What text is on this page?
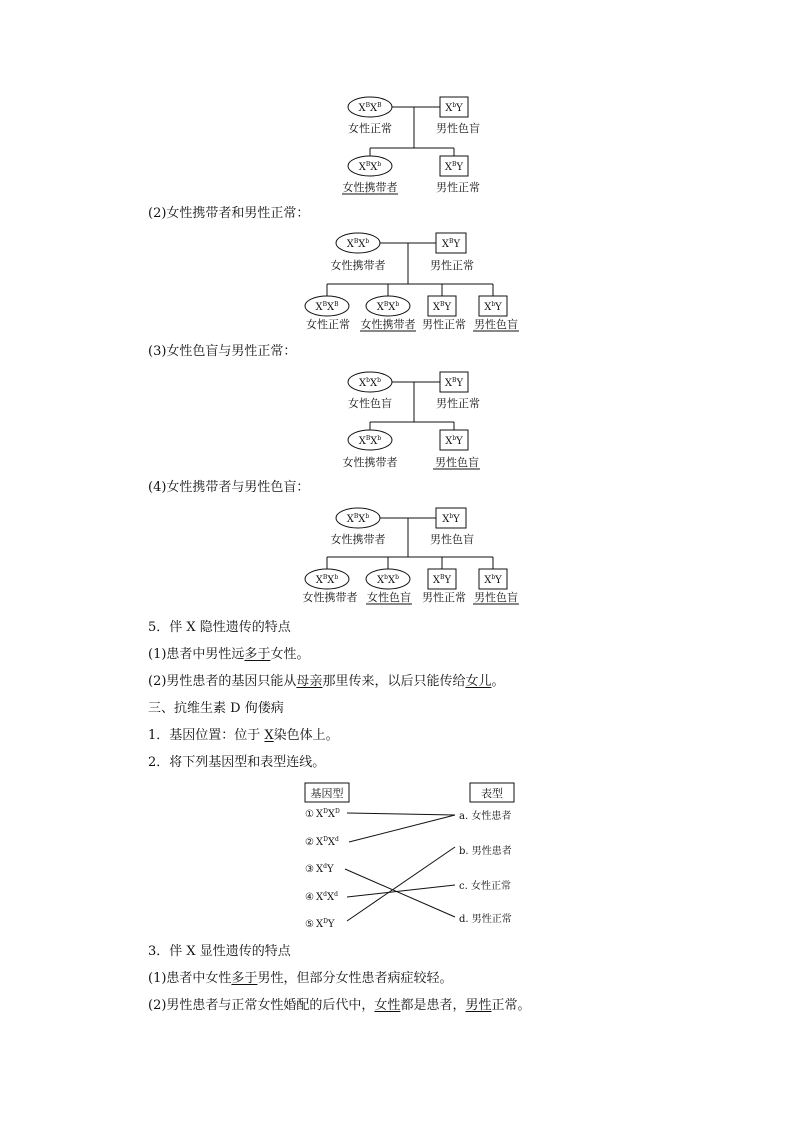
$X^BX^B$	$X^bY$
女性正常	男性色盲
$X^BX^b$	$X^BY$
女性携带者	男性正常
$X^BX^b$	$X^BY$
女性携带者	男性正常
$X^BX^B$	$X^BX^b$	$X^BY$	$X^bY$
女性正常 女性携带者 男性正常 男性色盲
$X^bX^b$	$X^BY$
女性色盲	男性正常
$X^BX^b$	$X^bY$
女性携带者	男性色盲
$X^BX^b$	$X^bY$
女性携带者	男性色盲
$X^BX^b$	$X^bX^b$	$X^BY$	$X^bY$
女性携带者 女性色盲 男性正常 男性色盲
基因型	表型
① $X^DX^D$
② $X^DX^d$
③ $X^dY$
④ $X^dX^d$
⑤ $X^DY$
a. 女性患者
b. 男性患者
c. 女性正常
d. 男性正常
(2)女性携带者和男性正常：
(3)女性色盲与男性正常：
(4)女性携带者与男性色盲：
5．伴 X 隐性遗传的特点
(1)患者中男性远多于女性。
(2)男性患者的基因只能从母亲那里传来，以后只能传给女儿。
三、抗维生素 D 佝偻病
1．基因位置：位于 X染色体上。
2．将下列基因型和表型连线。
3．伴 X 显性遗传的特点
(1)患者中女性多于男性，但部分女性患者病症较轻。
(2)男性患者与正常女性婚配的后代中，女性都是患者，男性正常。
